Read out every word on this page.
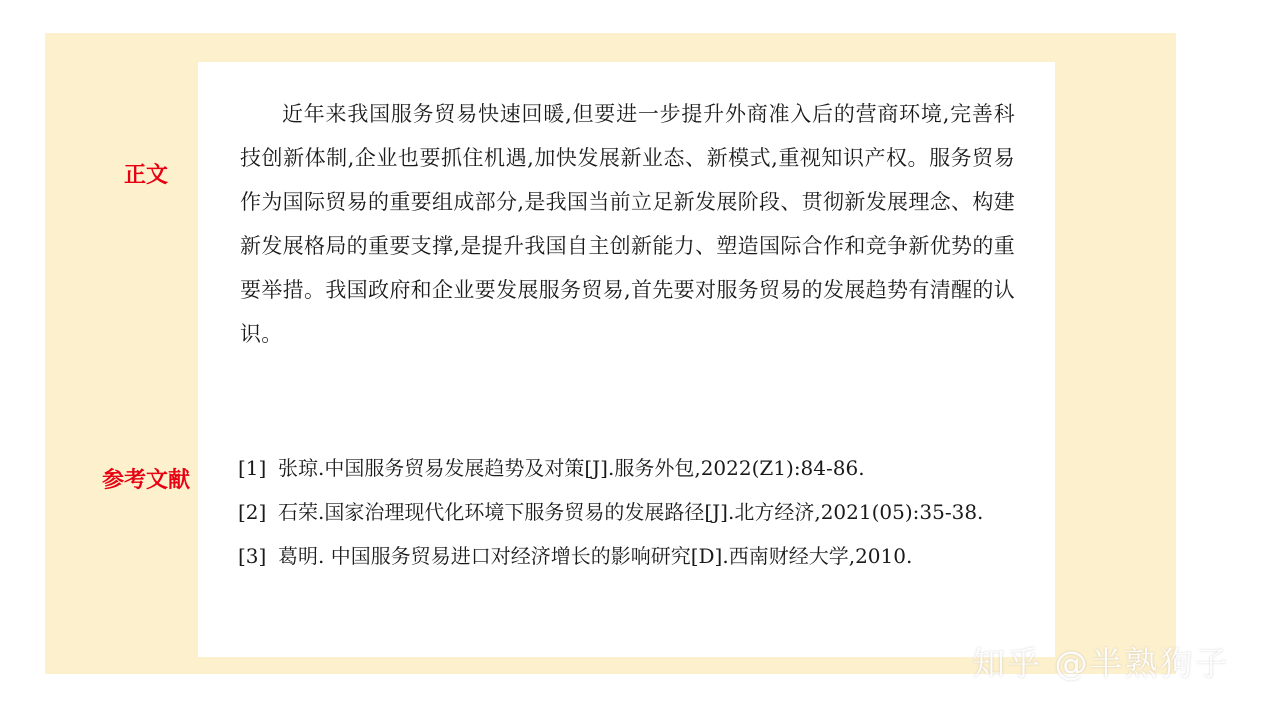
正文
参考文献

近年来我国服务贸易快速回暖,但要进一步提升外商准入后的营商环境,完善科技创新体制,企业也要抓住机遇,加快发展新业态、新模式,重视知识产权。服务贸易作为国际贸易的重要组成部分,是我国当前立足新发展阶段、贯彻新发展理念、构建新发展格局的重要支撑,是提升我国自主创新能力、塑造国际合作和竞争新优势的重要举措。我国政府和企业要发展服务贸易,首先要对服务贸易的发展趋势有清醒的认识。

[1] 张琼.中国服务贸易发展趋势及对策[J].服务外包,2022(Z1):84-86.
[2] 石荣.国家治理现代化环境下服务贸易的发展路径[J].北方经济,2021(05):35-38.
[3] 葛明. 中国服务贸易进口对经济增长的影响研究[D].西南财经大学,2010.
知乎 @半熟狗子
